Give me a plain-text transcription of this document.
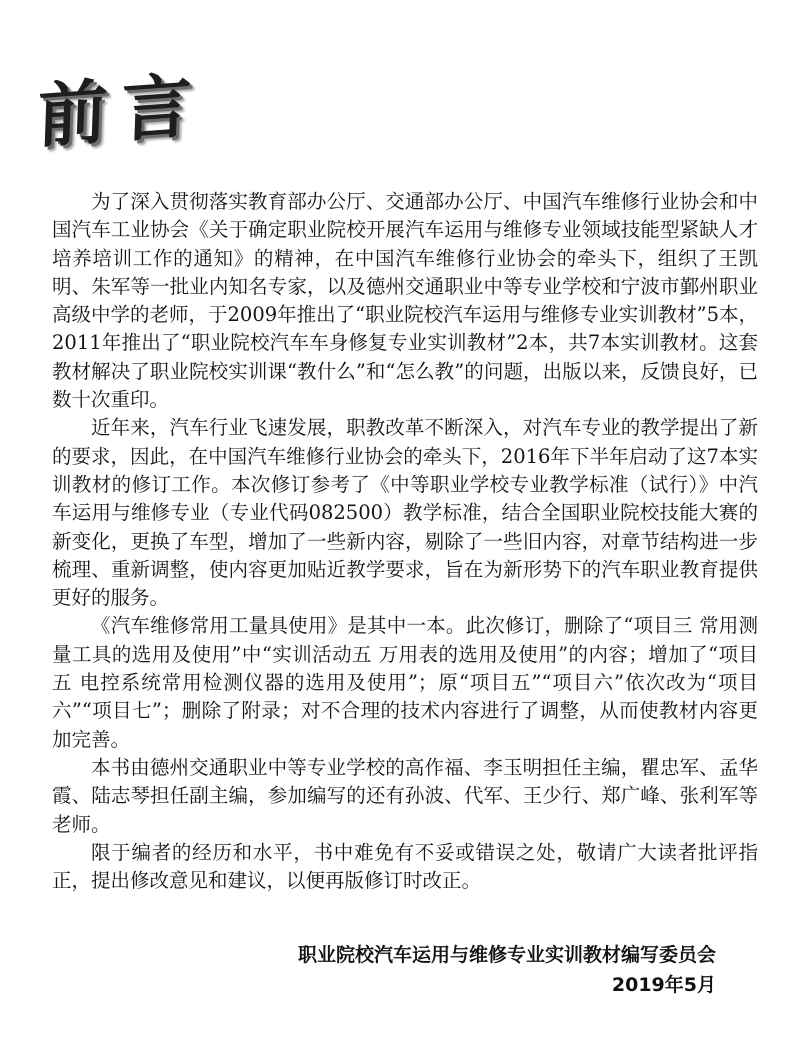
前言

为了深入贯彻落实教育部办公厅、交通部办公厅、中国汽车维修行业协会和中国汽车工业协会《关于确定职业院校开展汽车运用与维修专业领域技能型紧缺人才培养培训工作的通知》的精神，在中国汽车维修行业协会的牵头下，组织了王凯明、朱军等一批业内知名专家，以及德州交通职业中等专业学校和宁波市鄞州职业高级中学的老师，于2009年推出了“职业院校汽车运用与维修专业实训教材”5本，2011年推出了“职业院校汽车车身修复专业实训教材”2本，共7本实训教材。这套教材解决了职业院校实训课“教什么”和“怎么教”的问题，出版以来，反馈良好，已数十次重印。

近年来，汽车行业飞速发展，职教改革不断深入，对汽车专业的教学提出了新的要求，因此，在中国汽车维修行业协会的牵头下，2016年下半年启动了这7本实训教材的修订工作。本次修订参考了《中等职业学校专业教学标准（试行）》中汽车运用与维修专业（专业代码082500）教学标准，结合全国职业院校技能大赛的新变化，更换了车型，增加了一些新内容，剔除了一些旧内容，对章节结构进一步梳理、重新调整，使内容更加贴近教学要求，旨在为新形势下的汽车职业教育提供更好的服务。

《汽车维修常用工量具使用》是其中一本。此次修订，删除了“项目三 常用测量工具的选用及使用”中“实训活动五 万用表的选用及使用”的内容；增加了“项目五 电控系统常用检测仪器的选用及使用”；原“项目五”“项目六”依次改为“项目六”“项目七”；删除了附录；对不合理的技术内容进行了调整，从而使教材内容更加完善。

本书由德州交通职业中等专业学校的高作福、李玉明担任主编，瞿忠军、孟华霞、陆志琴担任副主编，参加编写的还有孙波、代军、王少行、郑广峰、张利军等老师。

限于编者的经历和水平，书中难免有不妥或错误之处，敬请广大读者批评指正，提出修改意见和建议，以便再版修订时改正。

职业院校汽车运用与维修专业实训教材编写委员会
2019年5月
